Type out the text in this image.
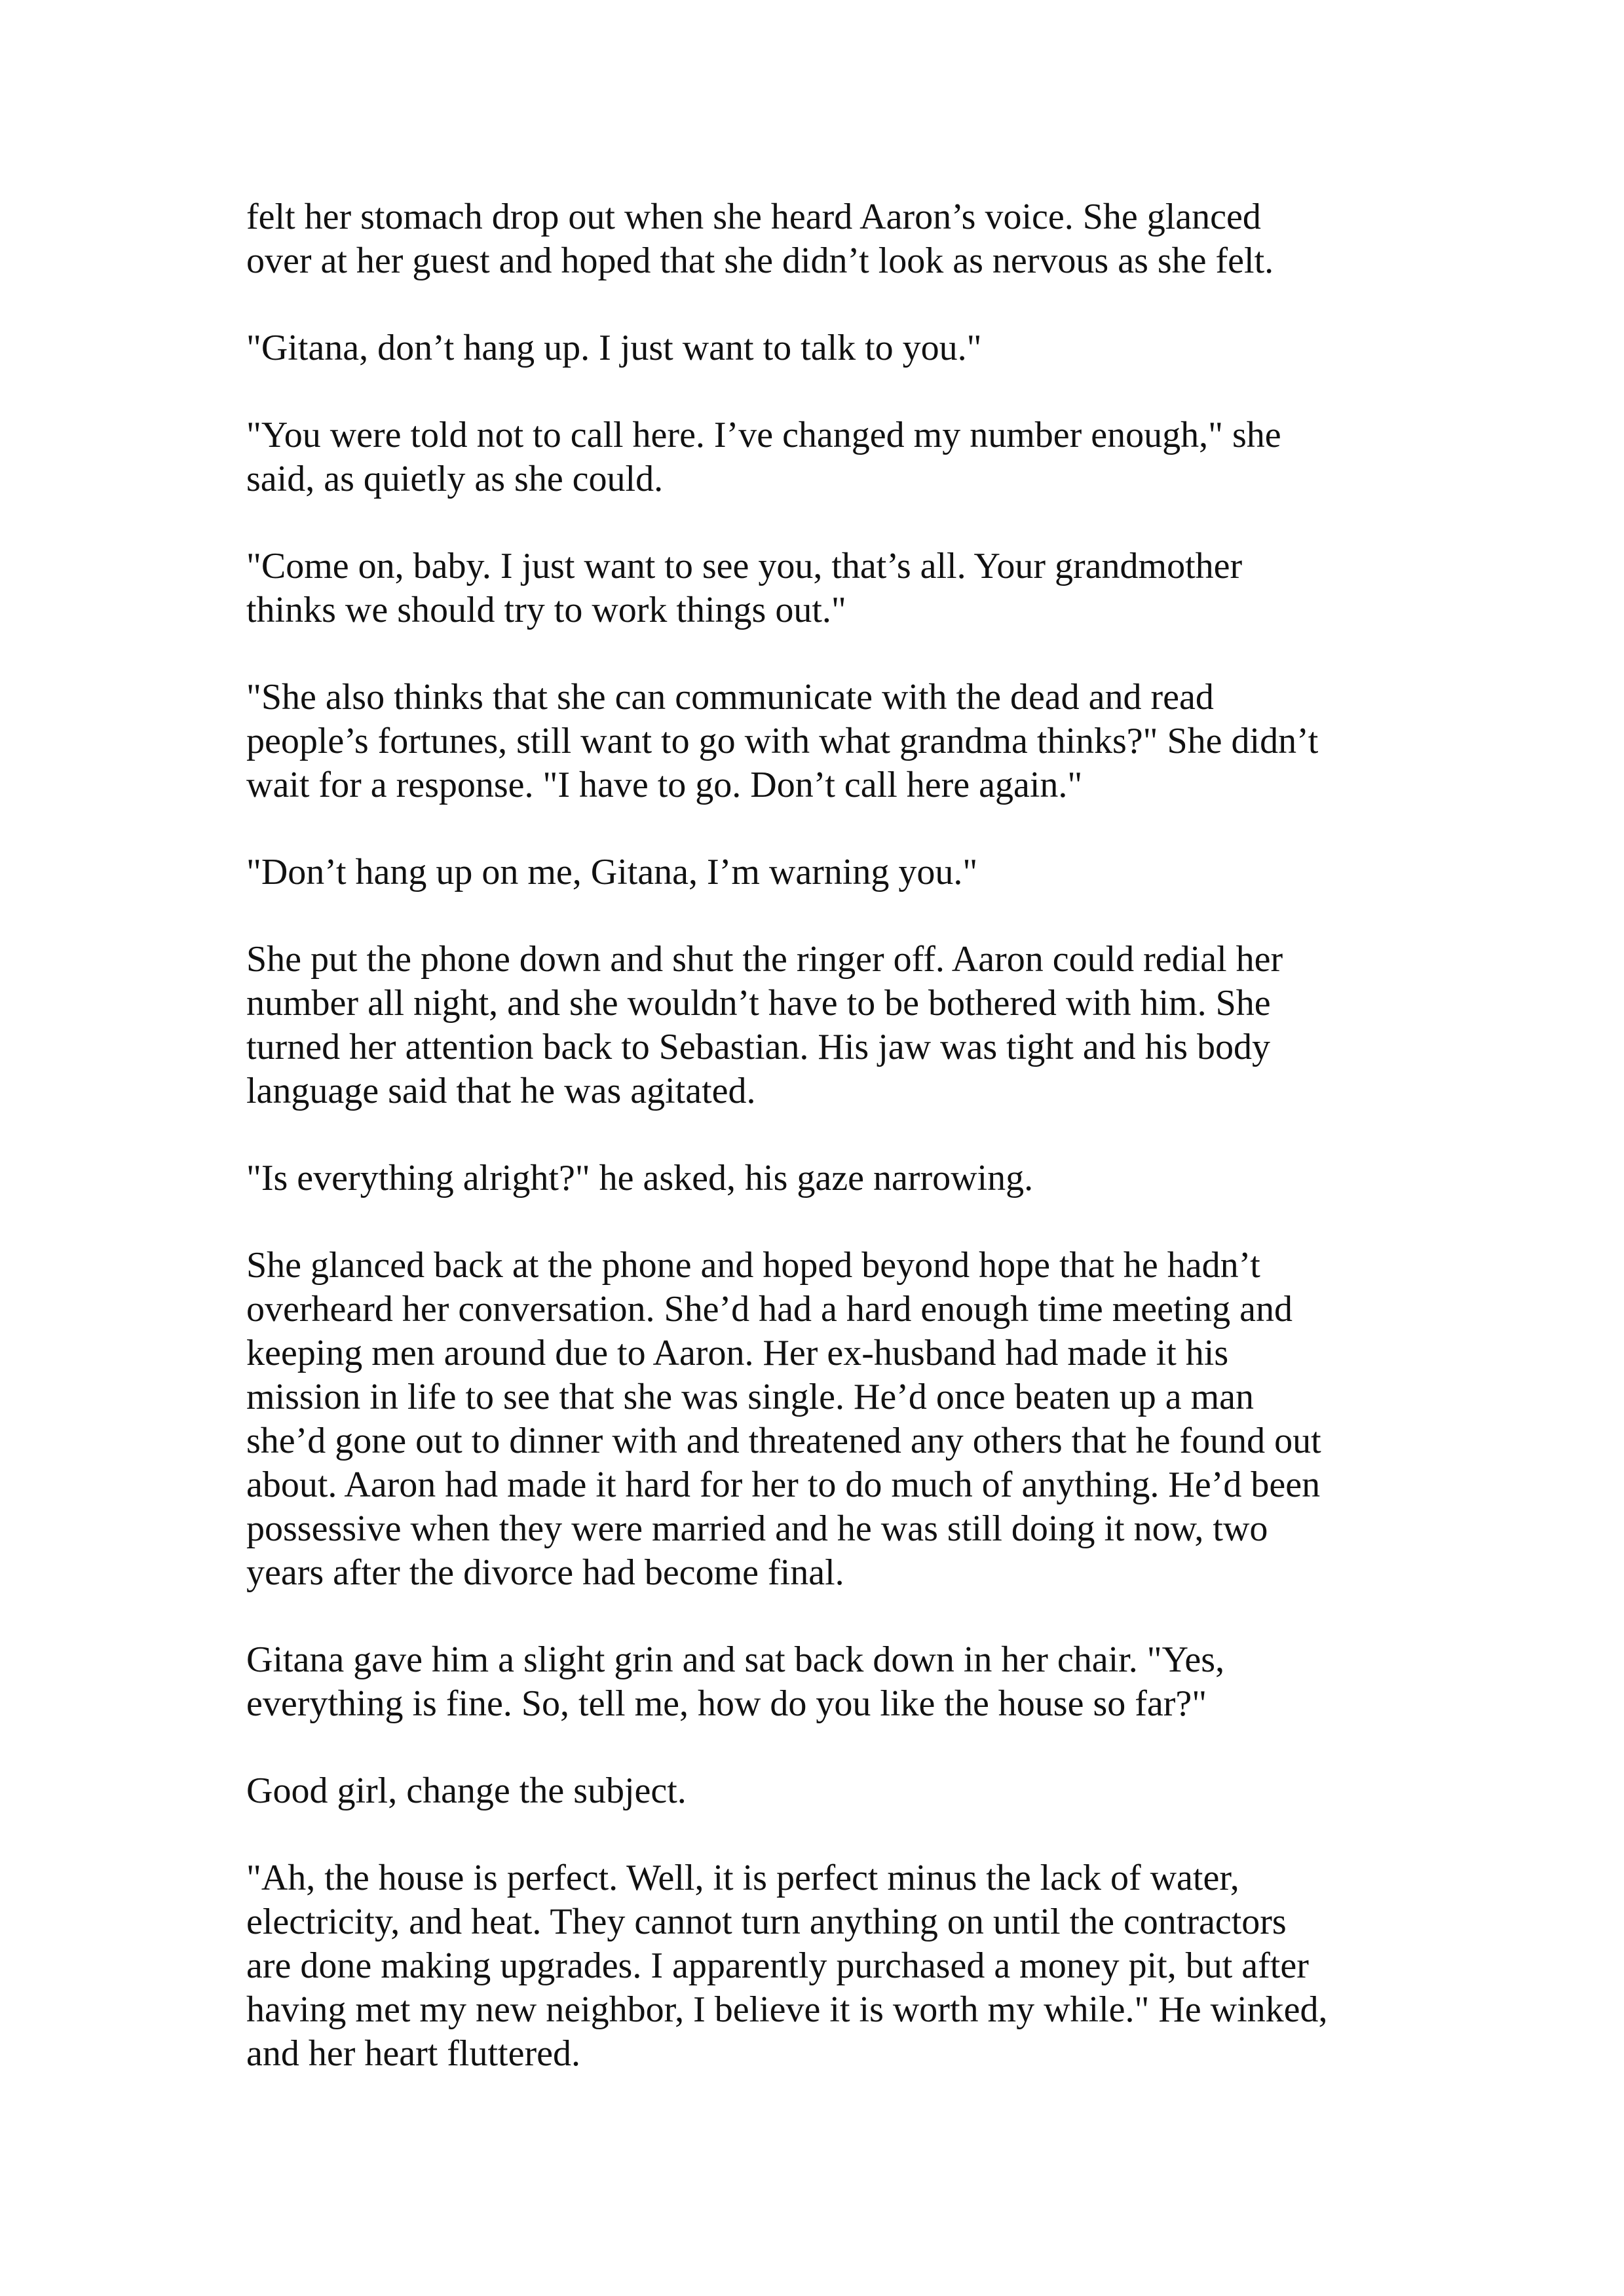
felt her stomach drop out when she heard Aaron’s voice. She glanced
over at her guest and hoped that she didn’t look as nervous as she felt.

"Gitana, don’t hang up. I just want to talk to you."

"You were told not to call here. I’ve changed my number enough," she
said, as quietly as she could.

"Come on, baby. I just want to see you, that’s all. Your grandmother
thinks we should try to work things out."

"She also thinks that she can communicate with the dead and read
people’s fortunes, still want to go with what grandma thinks?" She didn’t
wait for a response. "I have to go. Don’t call here again."

"Don’t hang up on me, Gitana, I’m warning you."

She put the phone down and shut the ringer off. Aaron could redial her
number all night, and she wouldn’t have to be bothered with him. She
turned her attention back to Sebastian. His jaw was tight and his body
language said that he was agitated.

"Is everything alright?" he asked, his gaze narrowing.

She glanced back at the phone and hoped beyond hope that he hadn’t
overheard her conversation. She’d had a hard enough time meeting and
keeping men around due to Aaron. Her ex-husband had made it his
mission in life to see that she was single. He’d once beaten up a man
she’d gone out to dinner with and threatened any others that he found out
about. Aaron had made it hard for her to do much of anything. He’d been
possessive when they were married and he was still doing it now, two
years after the divorce had become final.

Gitana gave him a slight grin and sat back down in her chair. "Yes,
everything is fine. So, tell me, how do you like the house so far?"

Good girl, change the subject.

"Ah, the house is perfect. Well, it is perfect minus the lack of water,
electricity, and heat. They cannot turn anything on until the contractors
are done making upgrades. I apparently purchased a money pit, but after
having met my new neighbor, I believe it is worth my while." He winked,
and her heart fluttered.
